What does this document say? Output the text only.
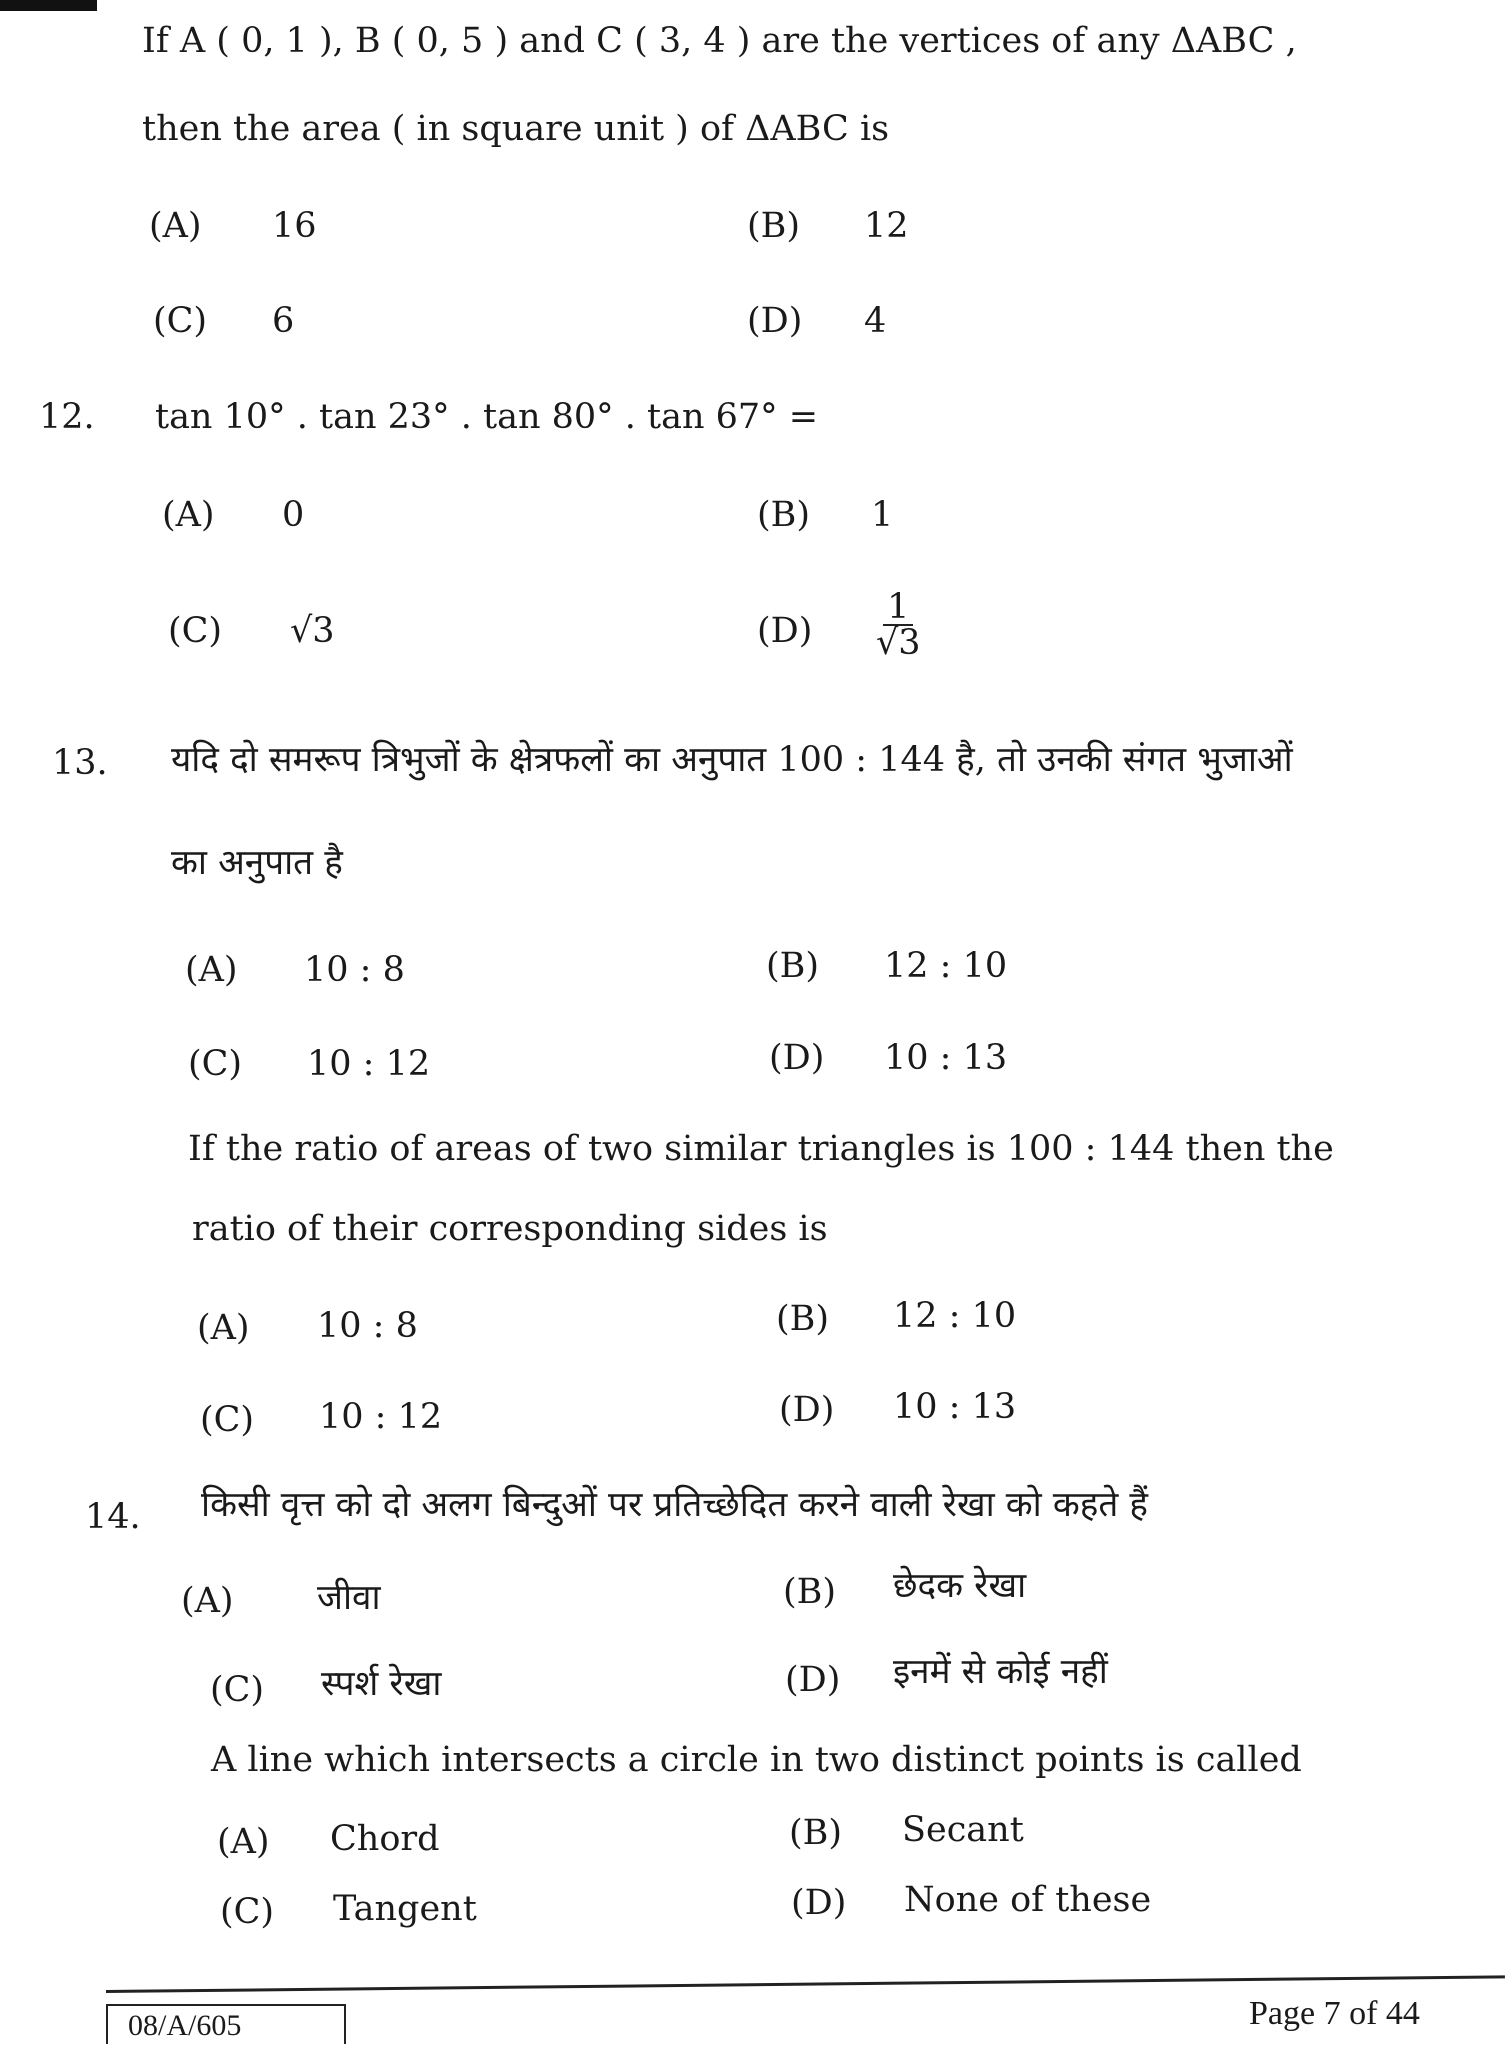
If A ( 0, 1 ), B ( 0, 5 ) and C ( 3, 4 ) are the vertices of any ΔABC ,
then the area ( in square unit ) of ΔABC is
(A) 16	(B) 12
(C) 6	(D) 4
12. tan 10° . tan 23° . tan 80° . tan 67° =
(A) 0	(B) 1
(C) √3	$(D) \frac{1}{√3}$
13. यदि दो समरूप त्रिभुजों के क्षेत्रफलों का अनुपात 100 : 144 है, तो उनकी संगत भुजाओं
का अनुपात है
(A) 10 : 8	(B) 12 : 10
(C) 10 : 12	(D) 10 : 13
If the ratio of areas of two similar triangles is 100 : 144 then the
ratio of their corresponding sides is
(A) 10 : 8	(B) 12 : 10
(C) 10 : 12	(D) 10 : 13
14. किसी वृत्त को दो अलग बिन्दुओं पर प्रतिच्छेदित करने वाली रेखा को कहते हैं
(A) जीवा	(B) छेदक रेखा
(C) स्पर्श रेखा	(D) इनमें से कोई नहीं
A line which intersects a circle in two distinct points is called
(A) Chord	(B) Secant
(C) Tangent	(D) None of these
08/A/605	Page 7 of 44
